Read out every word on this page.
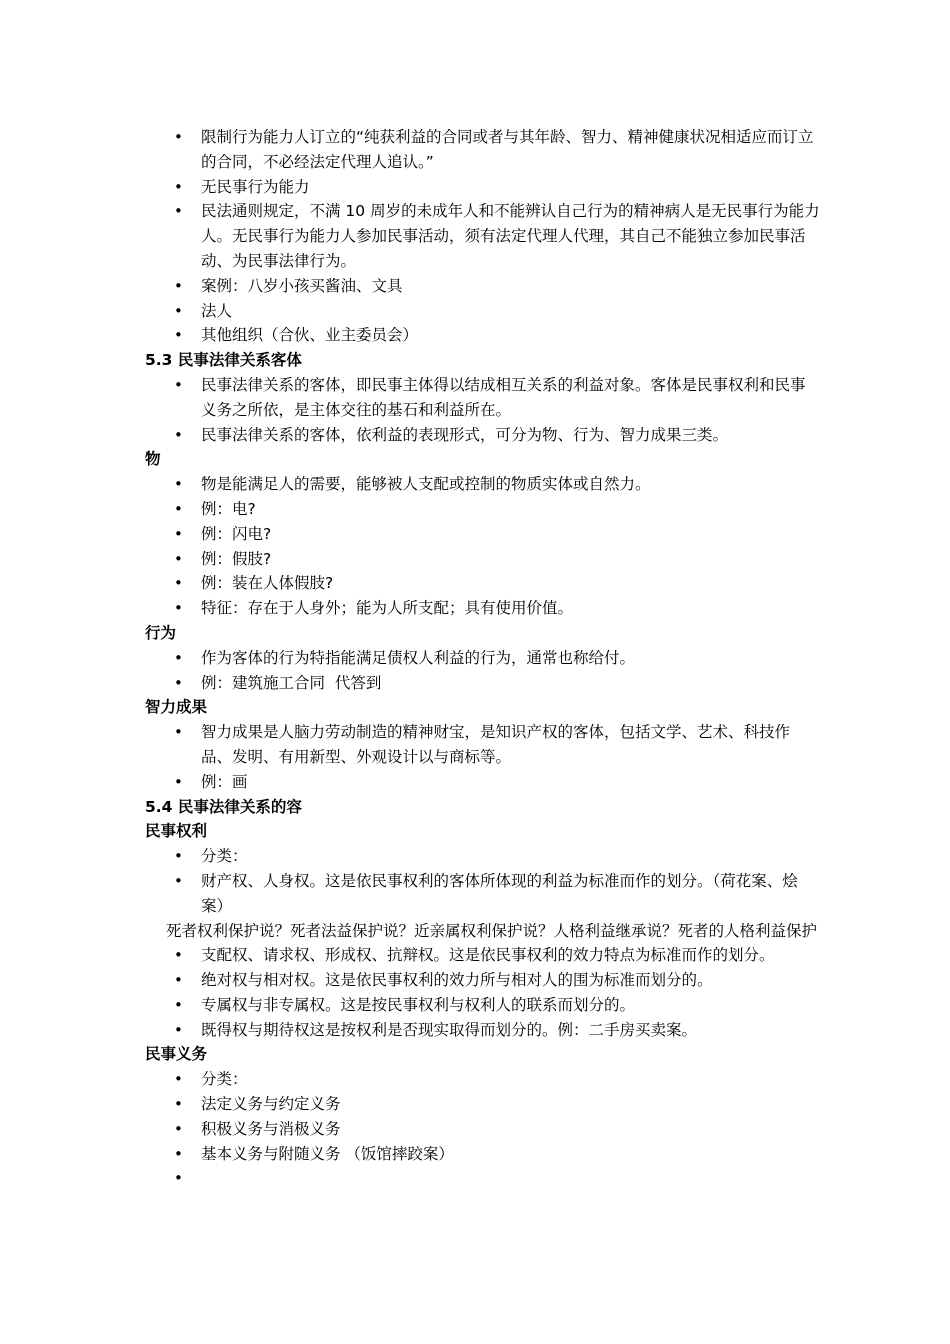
• 限制行为能力人订立的“纯获利益的合同或者与其年龄、智力、精神健康状况相适应而订立的合同，不必经法定代理人追认。”
• 无民事行为能力
• 民法通则规定，不满 10 周岁的未成年人和不能辨认自己行为的精神病人是无民事行为能力人。无民事行为能力人参加民事活动，须有法定代理人代理，其自己不能独立参加民事活动、为民事法律行为。
• 案例：八岁小孩买酱油、文具
• 法人
• 其他组织（合伙、业主委员会）
5.3 民事法律关系客体
• 民事法律关系的客体，即民事主体得以结成相互关系的利益对象。客体是民事权利和民事义务之所依，是主体交往的基石和利益所在。
• 民事法律关系的客体，依利益的表现形式，可分为物、行为、智力成果三类。
物
• 物是能满足人的需要，能够被人支配或控制的物质实体或自然力。
• 例：电?
• 例：闪电?
• 例：假肢?
• 例：装在人体假肢?
• 特征：存在于人身外；能为人所支配；具有使用价值。
行为
• 作为客体的行为特指能满足债权人利益的行为，通常也称给付。
• 例：建筑施工合同  代答到
智力成果
• 智力成果是人脑力劳动制造的精神财宝，是知识产权的客体，包括文学、艺术、科技作品、发明、有用新型、外观设计以与商标等。
• 例：画
5.4 民事法律关系的容
民事权利
• 分类：
• 财产权、人身权。这是依民事权利的客体所体现的利益为标准而作的划分。（荷花案、烩案）
死者权利保护说？死者法益保护说？近亲属权利保护说？人格利益继承说？死者的人格利益保护
• 支配权、请求权、形成权、抗辩权。这是依民事权利的效力特点为标准而作的划分。
• 绝对权与相对权。这是依民事权利的效力所与相对人的围为标准而划分的。
• 专属权与非专属权。这是按民事权利与权利人的联系而划分的。
• 既得权与期待权这是按权利是否现实取得而划分的。例：二手房买卖案。
民事义务
• 分类：
• 法定义务与约定义务
• 积极义务与消极义务
• 基本义务与附随义务 （饭馆摔跤案）
•
